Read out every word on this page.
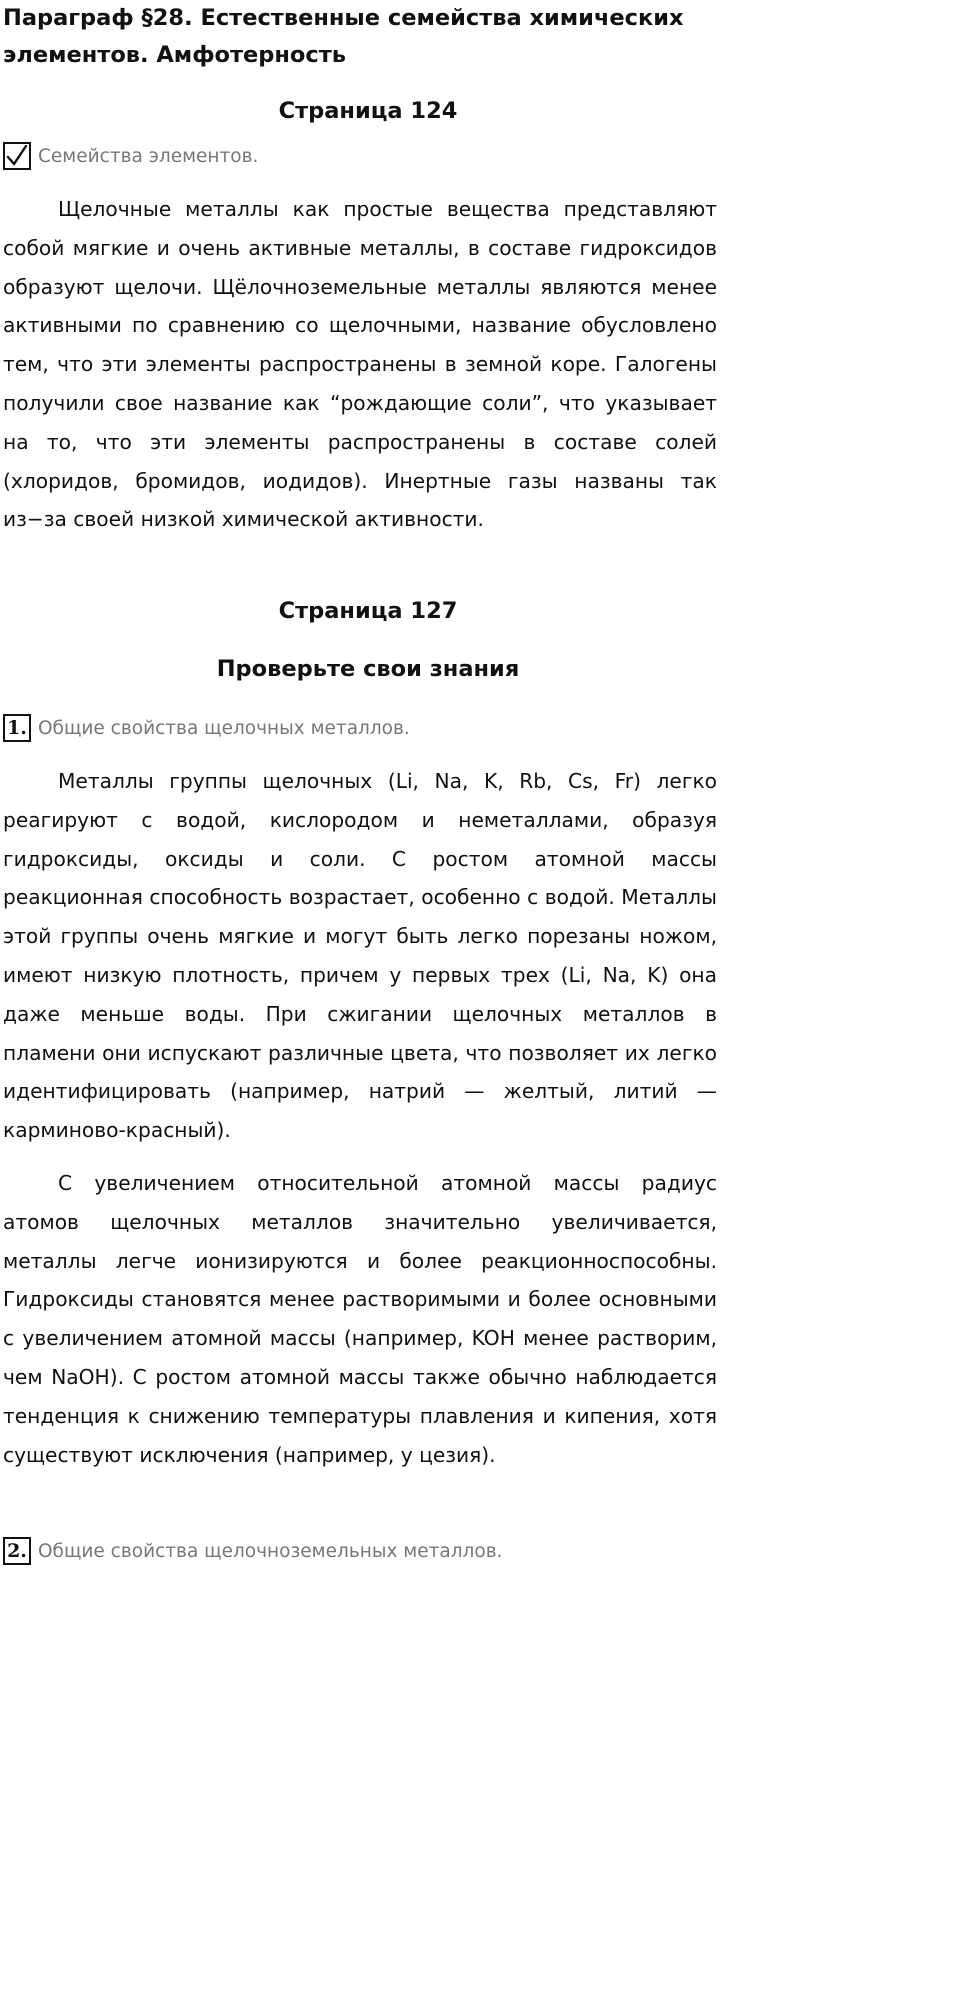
Параграф §28. Естественные семейства химических элементов. Амфотерность
Страница 124
Семейства элементов.

Щелочные металлы как простые вещества представляют собой мягкие и очень активные металлы, в составе гидроксидов образуют щелочи. Щёлочноземельные металлы являются менее активными по сравнению со щелочными, название обусловлено тем, что эти элементы распространены в земной коре. Галогены получили свое название как “рождающие соли”, что указывает на то, что эти элементы распространены в составе солей (хлоридов, бромидов, иодидов). Инертные газы названы так из−за своей низкой химической активности.

Страница 127
Проверьте свои знания
1. Общие свойства щелочных металлов.

Металлы группы щелочных (Li, Na, K, Rb, Cs, Fr) легко реагируют с водой, кислородом и неметаллами, образуя гидроксиды, оксиды и соли. С ростом атомной массы реакционная способность возрастает, особенно с водой. Металлы этой группы очень мягкие и могут быть легко порезаны ножом, имеют низкую плотность, причем у первых трех (Li, Na, K) она даже меньше воды. При сжигании щелочных металлов в пламени они испускают различные цвета, что позволяет их легко идентифицировать (например, натрий — желтый, литий — карминово-красный).

С увеличением относительной атомной массы радиус атомов щелочных металлов значительно увеличивается, металлы легче ионизируются и более реакционноспособны. Гидроксиды становятся менее растворимыми и более основными с увеличением атомной массы (например, KOH менее растворим, чем NaOH). С ростом атомной массы также обычно наблюдается тенденция к снижению температуры плавления и кипения, хотя существуют исключения (например, у цезия).

2. Общие свойства щелочноземельных металлов.
